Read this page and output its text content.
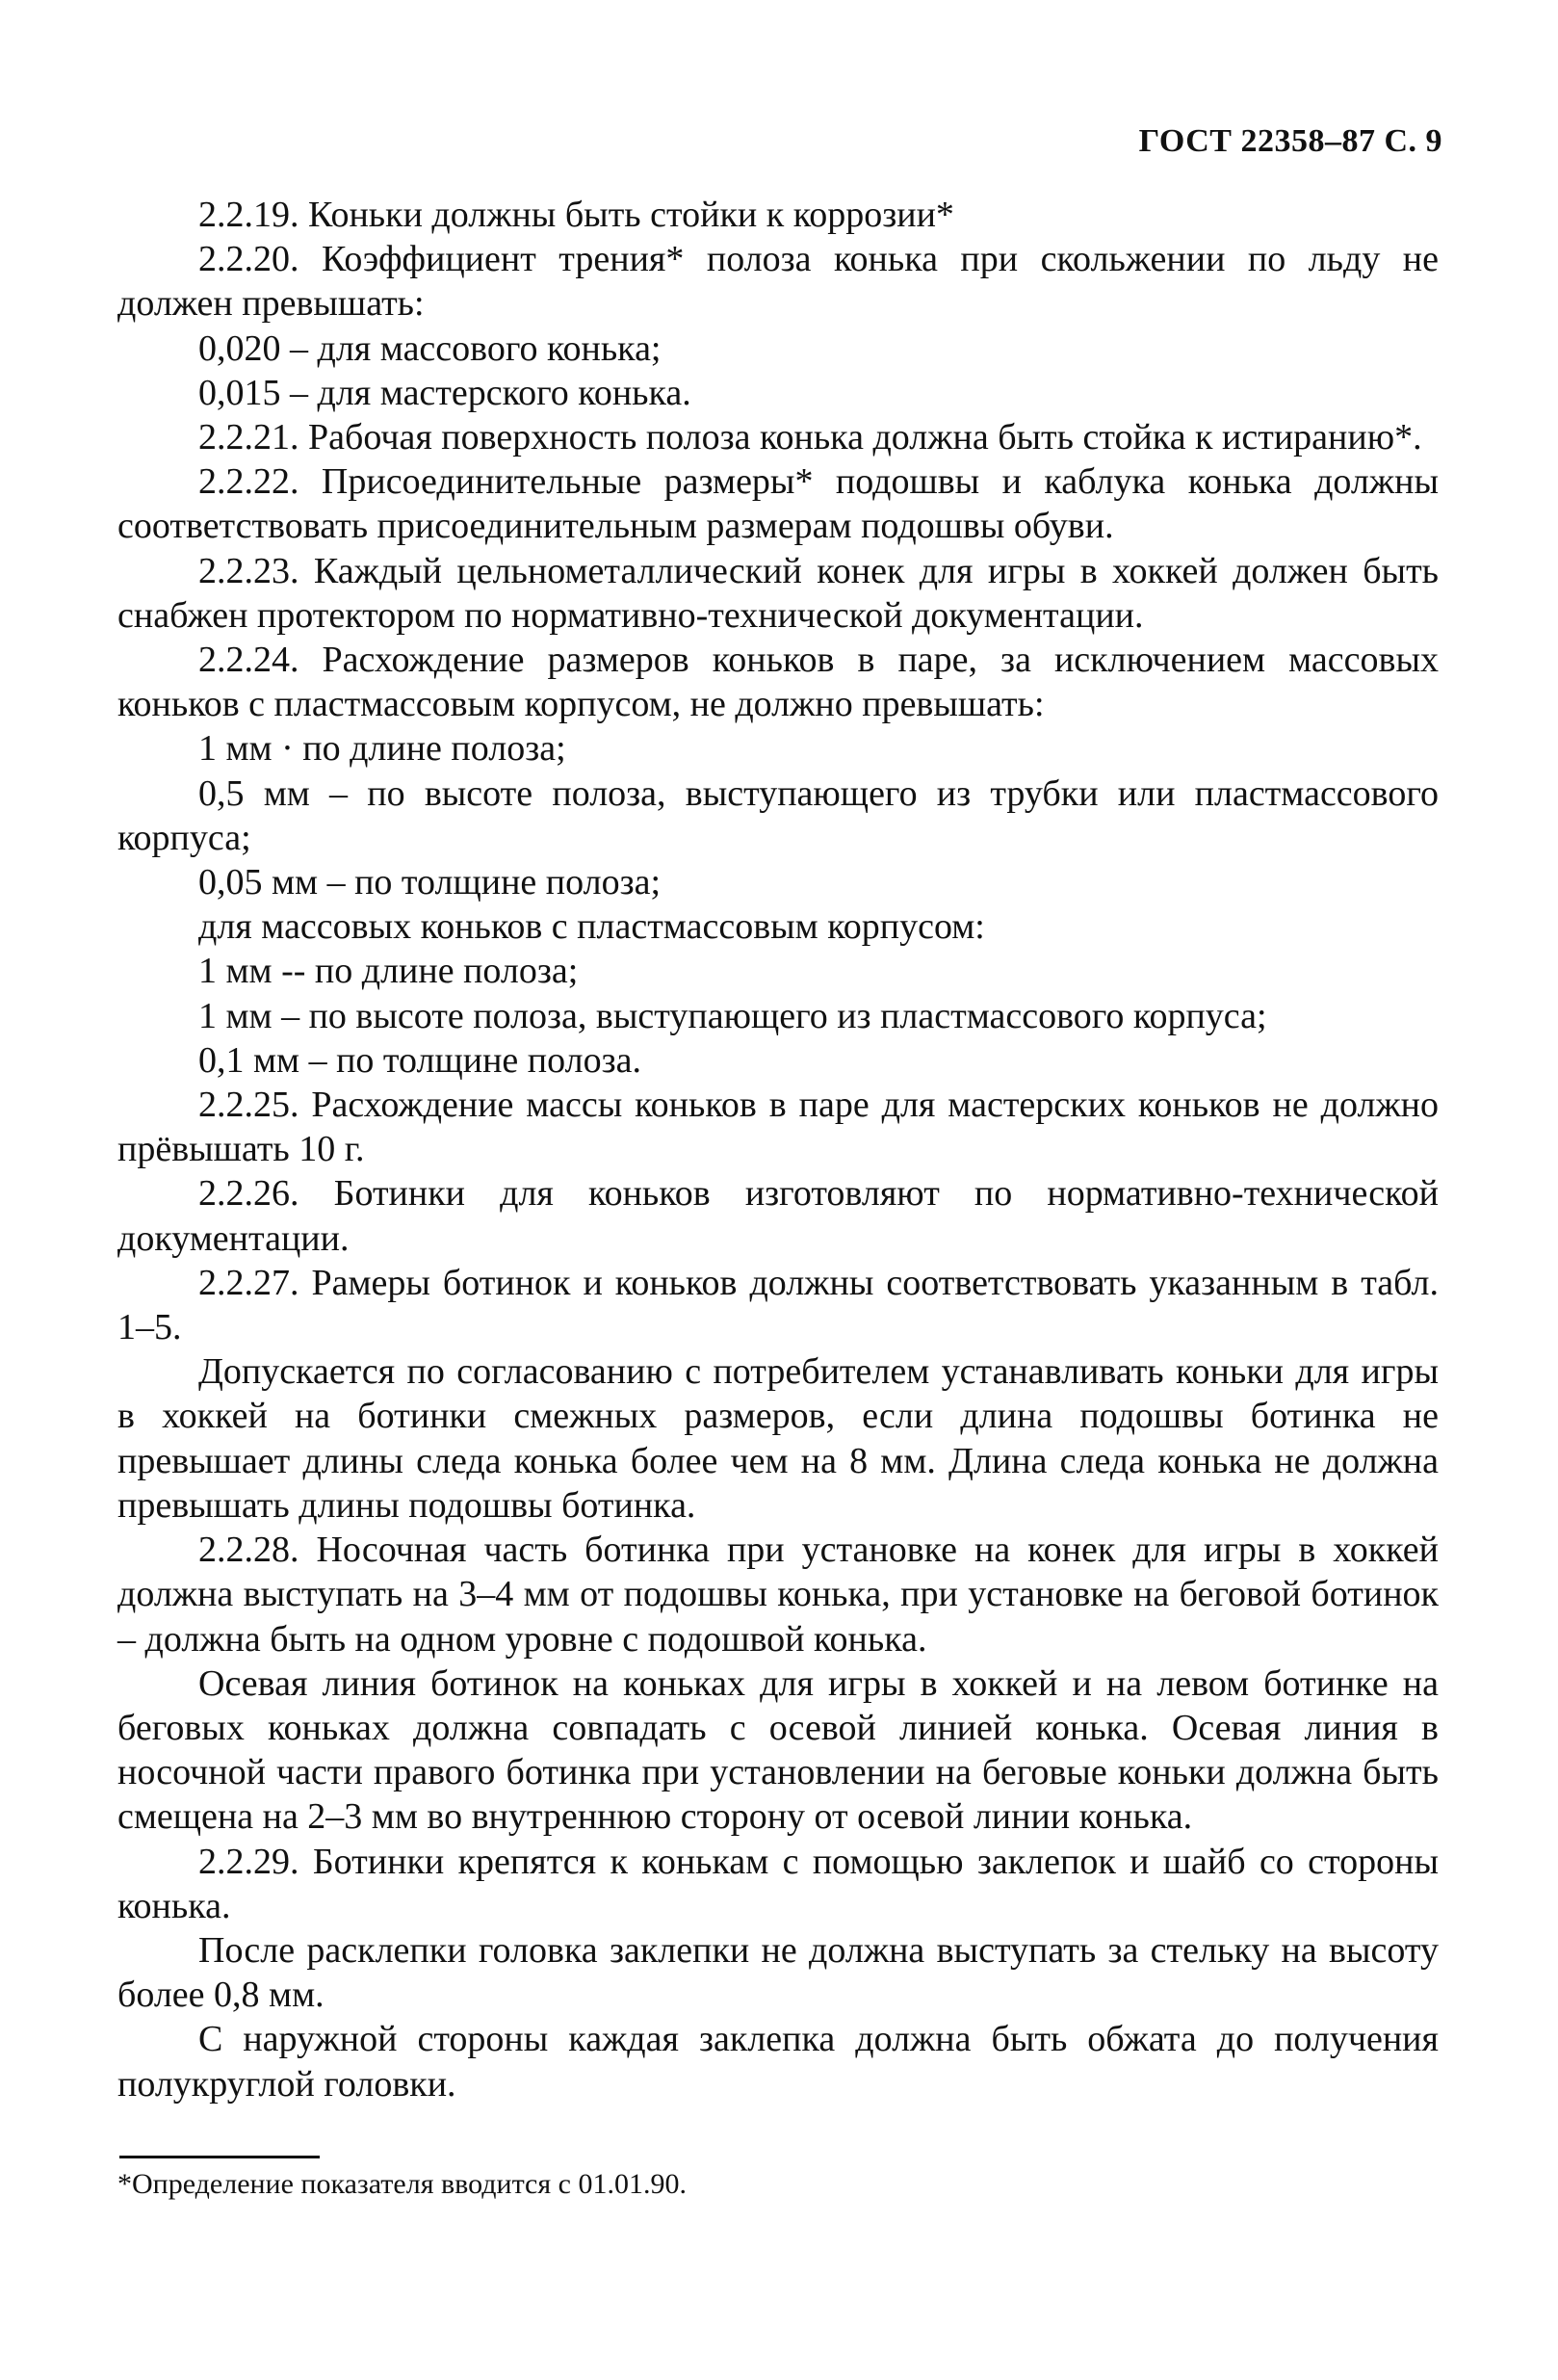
ГОСТ 22358–87 С. 9

2.2.19. Коньки должны быть стойки к коррозии*

2.2.20. Коэффициент трения* полоза конька при скольжении по льду не должен превышать:

0,020 – для массового конька;

0,015 – для мастерского конька.

2.2.21. Рабочая поверхность полоза конька должна быть стойка к истиранию*.

2.2.22. Присоединительные размеры* подошвы и каблука конька должны соответствовать присоединительным размерам подошвы обуви.

2.2.23. Каждый цельнометаллический конек для игры в хоккей должен быть снабжен протектором по нормативно-технической документации.

2.2.24. Расхождение размеров коньков в паре, за исключением массовых коньков с пластмассовым корпусом, не должно превышать:

1 мм · по длине полоза;

0,5 мм – по высоте полоза, выступающего из трубки или пластмассового корпуса;

0,05 мм – по толщине полоза;

для массовых коньков с пластмассовым корпусом:

1 мм -- по длине полоза;

1 мм – по высоте полоза, выступающего из пластмассового корпуса;

0,1 мм – по толщине полоза.

2.2.25. Расхождение массы коньков в паре для мастерских коньков не должно прëвышать 10 г.

2.2.26. Ботинки для коньков изготовляют по нормативно-технической документации.

2.2.27. Рамеры ботинок и коньков должны соответствовать указанным в табл. 1–5.

Допускается по согласованию с потребителем устанавливать коньки для игры в хоккей на ботинки смежных размеров, если длина подошвы ботинка не превышает длины следа конька более чем на 8 мм. Длина следа конька не должна превышать длины подошвы ботинка.

2.2.28. Носочная часть ботинка при установке на конек для игры в хоккей должна выступать на 3–4 мм от подошвы конька, при установке на беговой ботинок – должна быть на одном уровне с подошвой конька.

Осевая линия ботинок на коньках для игры в хоккей и на левом ботинке на беговых коньках должна совпадать с осевой линией конька. Осевая линия в носочной части правого ботинка при установлении на беговые коньки должна быть смещена на 2–3 мм во внутреннюю сторону от осевой линии конька.

2.2.29. Ботинки крепятся к конькам с помощью заклепок и шайб со стороны конька.

После расклепки головка заклепки не должна выступать за стельку на высоту более 0,8 мм.

С наружной стороны каждая заклепка должна быть обжата до получения полукруглой головки.

*Определение показателя вводится с 01.01.90.
